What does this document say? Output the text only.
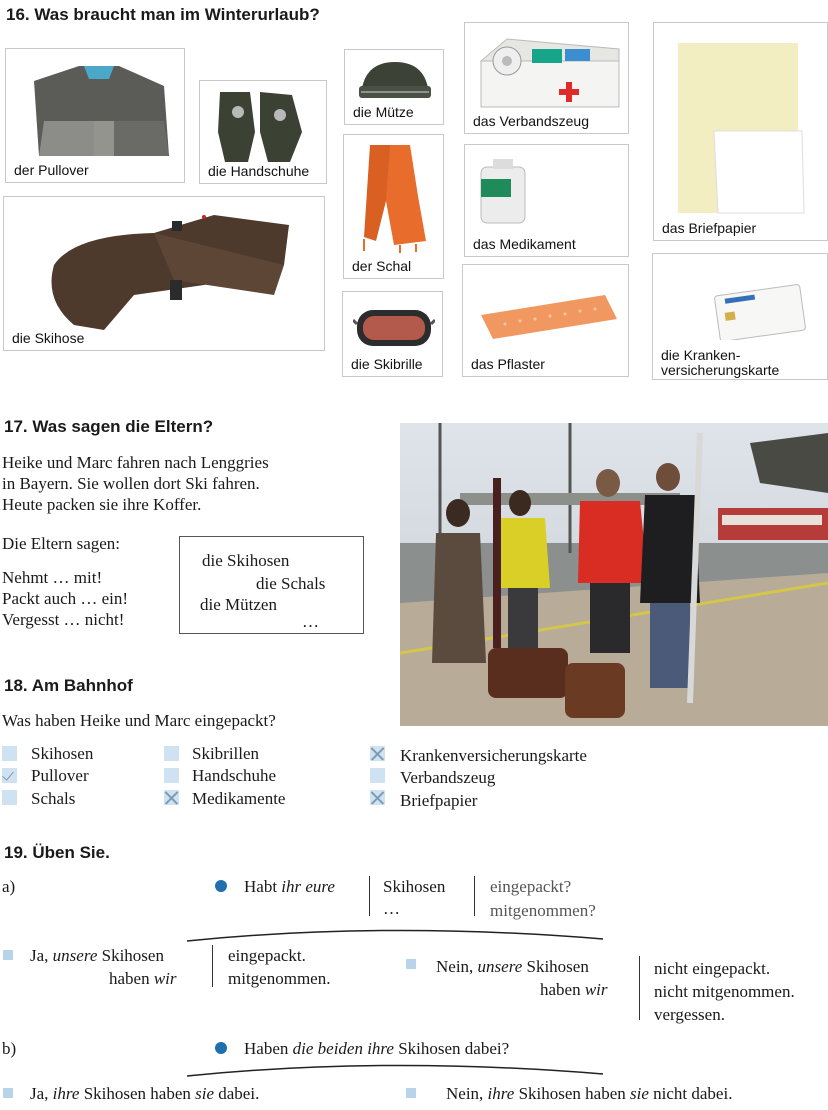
16. Was braucht man im Winterurlaub?
der Pullover	die Handschuhe
die Mütze
das Verbandszeug
das Briefpapier
die Skihose
der Schal
das Medikament
die Skibrille	das Pflaster
die Kranken-
versicherungskarte
17. Was sagen die Eltern?
Heike und Marc fahren nach Lenggries
in Bayern. Sie wollen dort Ski fahren.
Heute packen sie ihre Koffer.
Die Eltern sagen:
Nehmt … mit!
Packt auch … ein!
Vergesst … nicht!
die Skihosen
die Schals
die Mützen
…
18. Am Bahnhof
Was haben Heike und Marc eingepackt?
Skihosen
Pullover
Schals
Skibrillen
Handschuhe
Medikamente
Krankenversicherungskarte
Verbandszeug
Briefpapier
19. Üben Sie.
a)	Habt ihr eure	Skihosen
…
eingepackt?
mitgenommen?
Ja, unsere Skihosen
haben wir
eingepackt.
mitgenommen.
Nein, unsere Skihosen
haben wir
nicht eingepackt.
nicht mitgenommen.
vergessen.
b)	Haben die beiden ihre Skihosen dabei?
Ja, ihre Skihosen haben sie dabei.	Nein, ihre Skihosen haben sie nicht dabei.
